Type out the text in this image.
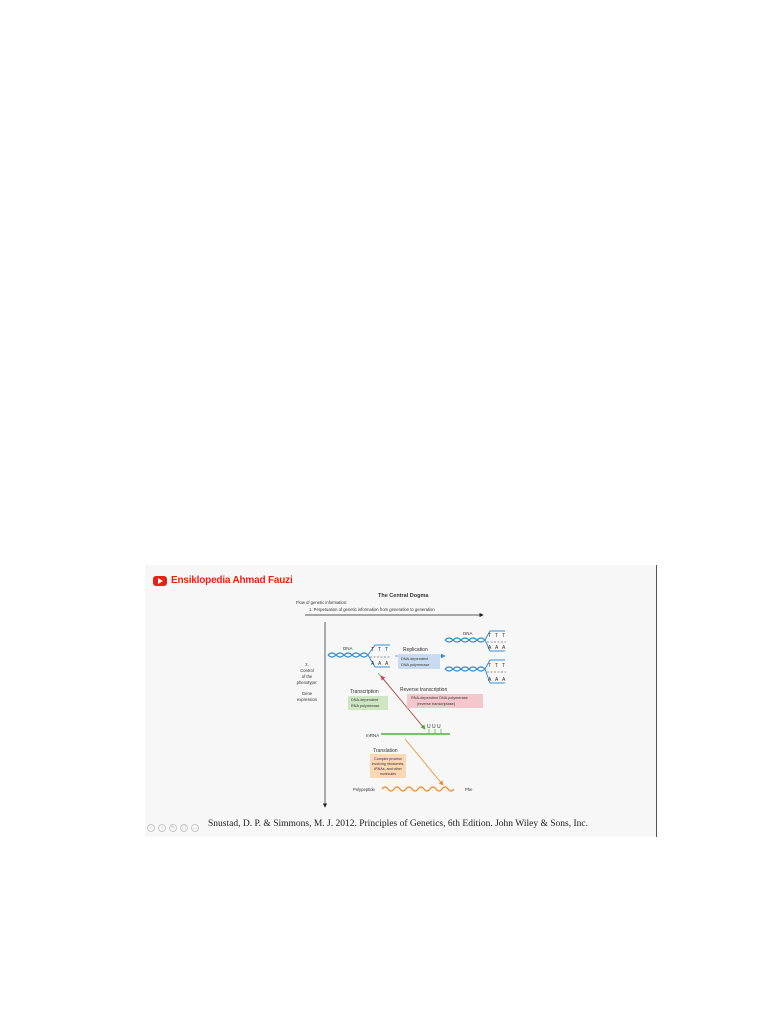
Ensiklopedia Ahmad Fauzi
The Central Dogma
Flow of genetic information:
1. Perpetuation of genetic information from generation to generation
2.
Control
of the
phenotype:
Gene
expression
DNA	T T T
A A A
Replication
DNA-dependent
DNA polymerase
DNA	T T T
A A A
T T T
A A A
Transcription
DNA-dependent
RNA polymerase
Reverse transcription
RNA-dependent DNA polymerase
(reverse transcriptase)
mRNA
U U U
Translation
Complex process
involving ribosomes,
tRNAs, and other
molecules
Polypeptide	Phe
‹	›	✎	▢	… Snustad, D. P. & Simmons, M. J. 2012. Principles of Genetics, 6th Edition. John Wiley & Sons, Inc.
